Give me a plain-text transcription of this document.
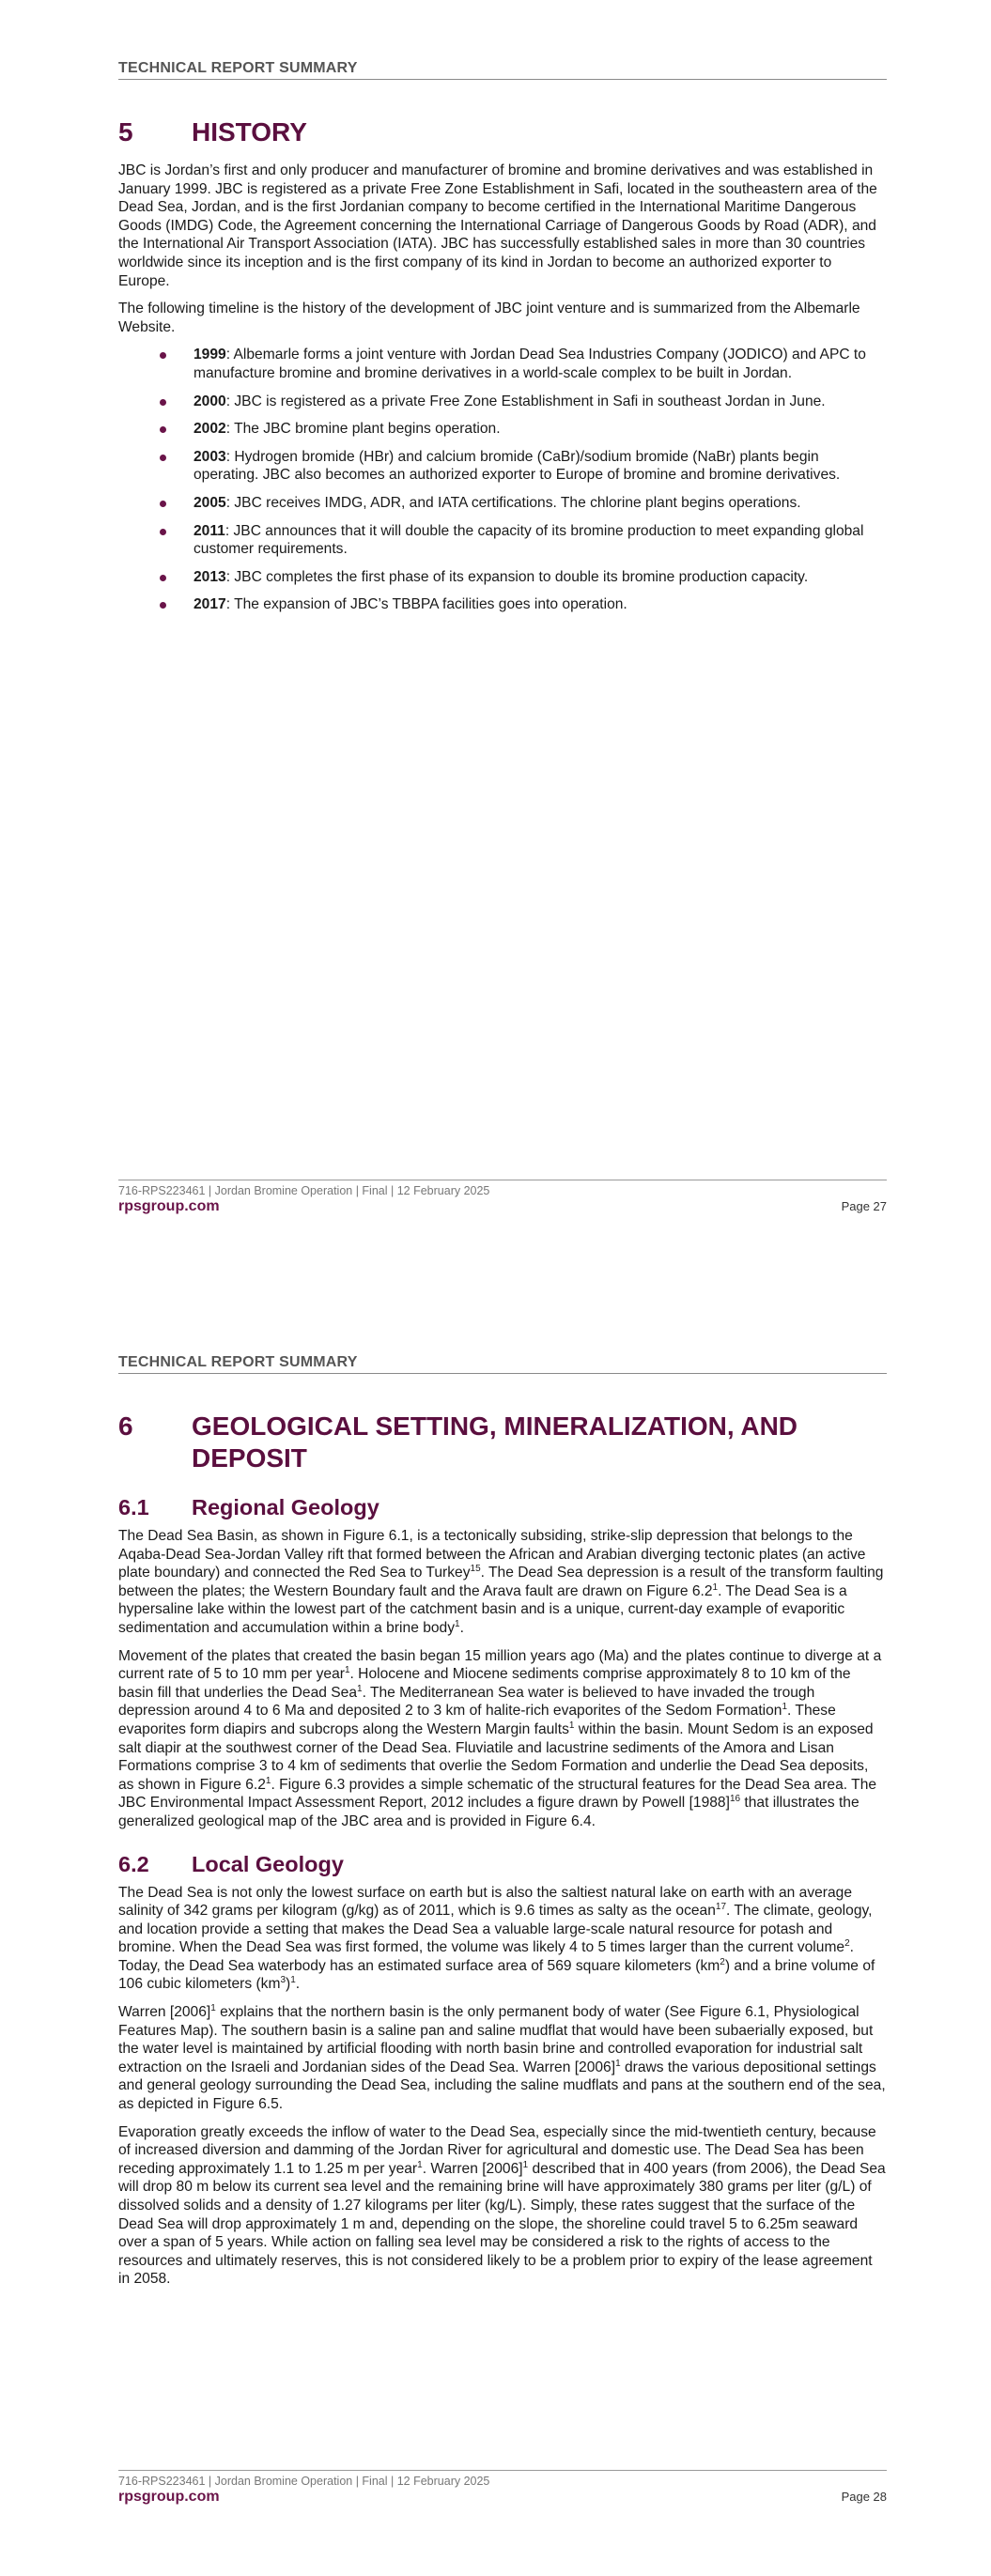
TECHNICAL REPORT SUMMARY
5	HISTORY

JBC is Jordan’s first and only producer and manufacturer of bromine and bromine derivatives and was established in January 1999. JBC is registered as a private Free Zone Establishment in Safi, located in the southeastern area of the Dead Sea, Jordan, and is the first Jordanian company to become certified in the International Maritime Dangerous Goods (IMDG) Code, the Agreement concerning the International Carriage of Dangerous Goods by Road (ADR), and the International Air Transport Association (IATA). JBC has successfully established sales in more than 30 countries worldwide since its inception and is the first company of its kind in Jordan to become an authorized exporter to Europe.

The following timeline is the history of the development of JBC joint venture and is summarized from the Albemarle Website.

1999: Albemarle forms a joint venture with Jordan Dead Sea Industries Company (JODICO) and APC to manufacture bromine and bromine derivatives in a world-scale complex to be built in Jordan.
2000: JBC is registered as a private Free Zone Establishment in Safi in southeast Jordan in June.
2002: The JBC bromine plant begins operation.
2003: Hydrogen bromide (HBr) and calcium bromide (CaBr)/sodium bromide (NaBr) plants begin operating. JBC also becomes an authorized exporter to Europe of bromine and bromine derivatives.
2005: JBC receives IMDG, ADR, and IATA certifications. The chlorine plant begins operations.
2011: JBC announces that it will double the capacity of its bromine production to meet expanding global customer requirements.
2013: JBC completes the first phase of its expansion to double its bromine production capacity.
2017: The expansion of JBC’s TBBPA facilities goes into operation.
716-RPS223461 | Jordan Bromine Operation | Final | 12 February 2025
rpsgroup.com	Page 27
TECHNICAL REPORT SUMMARY
6	GEOLOGICAL SETTING, MINERALIZATION, AND DEPOSIT
6.1	Regional Geology

The Dead Sea Basin, as shown in Figure 6.1, is a tectonically subsiding, strike-slip depression that belongs to the Aqaba-Dead Sea-Jordan Valley rift that formed between the African and Arabian diverging tectonic plates (an active plate boundary) and connected the Red Sea to Turkey$^{15}$. The Dead Sea depression is a result of the transform faulting between the plates; the Western Boundary fault and the Arava fault are drawn on Figure $6.2^1$. The Dead Sea is a hypersaline lake within the lowest part of the catchment basin and is a unique, current-day example of evaporitic sedimentation and accumulation within a brine body$^1$.

Movement of the plates that created the basin began 15 million years ago (Ma) and the plates continue to diverge at a current rate of 5 to 10 mm per year$^1$. Holocene and Miocene sediments comprise approximately 8 to 10 km of the basin fill that underlies the Dead Sea$^1$. The Mediterranean Sea water is believed to have invaded the trough depression around 4 to 6 Ma and deposited 2 to 3 km of halite-rich evaporites of the Sedom Formation$^1$. These evaporites form diapirs and subcrops along the Western Margin faults$^1$ within the basin. Mount Sedom is an exposed salt diapir at the southwest corner of the Dead Sea. Fluviatile and lacustrine sediments of the Amora and Lisan Formations comprise 3 to 4 km of sediments that overlie the Sedom Formation and underlie the Dead Sea deposits, as shown in Figure $6.2^1$. Figure 6.3 provides a simple schematic of the structural features for the Dead Sea area. The JBC Environmental Impact Assessment Report, 2012 includes a figure drawn by Powell $[1988]^{16}$ that illustrates the generalized geological map of the JBC area and is provided in Figure 6.4.

6.2	Local Geology

The Dead Sea is not only the lowest surface on earth but is also the saltiest natural lake on earth with an average salinity of 342 grams per kilogram (g/kg) as of 2011, which is 9.6 times as salty as the ocean$^{17}$. The climate, geology, and location provide a setting that makes the Dead Sea a valuable large-scale natural resource for potash and bromine. When the Dead Sea was first formed, the volume was likely 4 to 5 times larger than the current volume$^2$. Today, the Dead Sea waterbody has an estimated surface area of 569 square kilometers $(km^2)$ and a brine volume of 106 cubic kilometers $(km^3)^1$.

Warren $[2006]^1$ explains that the northern basin is the only permanent body of water (See Figure 6.1, Physiological Features Map). The southern basin is a saline pan and saline mudflat that would have been subaerially exposed, but the water level is maintained by artificial flooding with north basin brine and controlled evaporation for industrial salt extraction on the Israeli and Jordanian sides of the Dead Sea. Warren $[2006]^1$ draws the various depositional settings and general geology surrounding the Dead Sea, including the saline mudflats and pans at the southern end of the sea, as depicted in Figure 6.5.

Evaporation greatly exceeds the inflow of water to the Dead Sea, especially since the mid-twentieth century, because of increased diversion and damming of the Jordan River for agricultural and domestic use. The Dead Sea has been receding approximately 1.1 to 1.25 m per year$^1$. Warren $[2006]^1$ described that in 400 years (from 2006), the Dead Sea will drop 80 m below its current sea level and the remaining brine will have approximately 380 grams per liter (g/L) of dissolved solids and a density of 1.27 kilograms per liter (kg/L). Simply, these rates suggest that the surface of the Dead Sea will drop approximately 1 m and, depending on the slope, the shoreline could travel 5 to 6.25m seaward over a span of 5 years. While action on falling sea level may be considered a risk to the rights of access to the resources and ultimately reserves, this is not considered likely to be a problem prior to expiry of the lease agreement in 2058.

716-RPS223461 | Jordan Bromine Operation | Final | 12 February 2025
rpsgroup.com	Page 28
